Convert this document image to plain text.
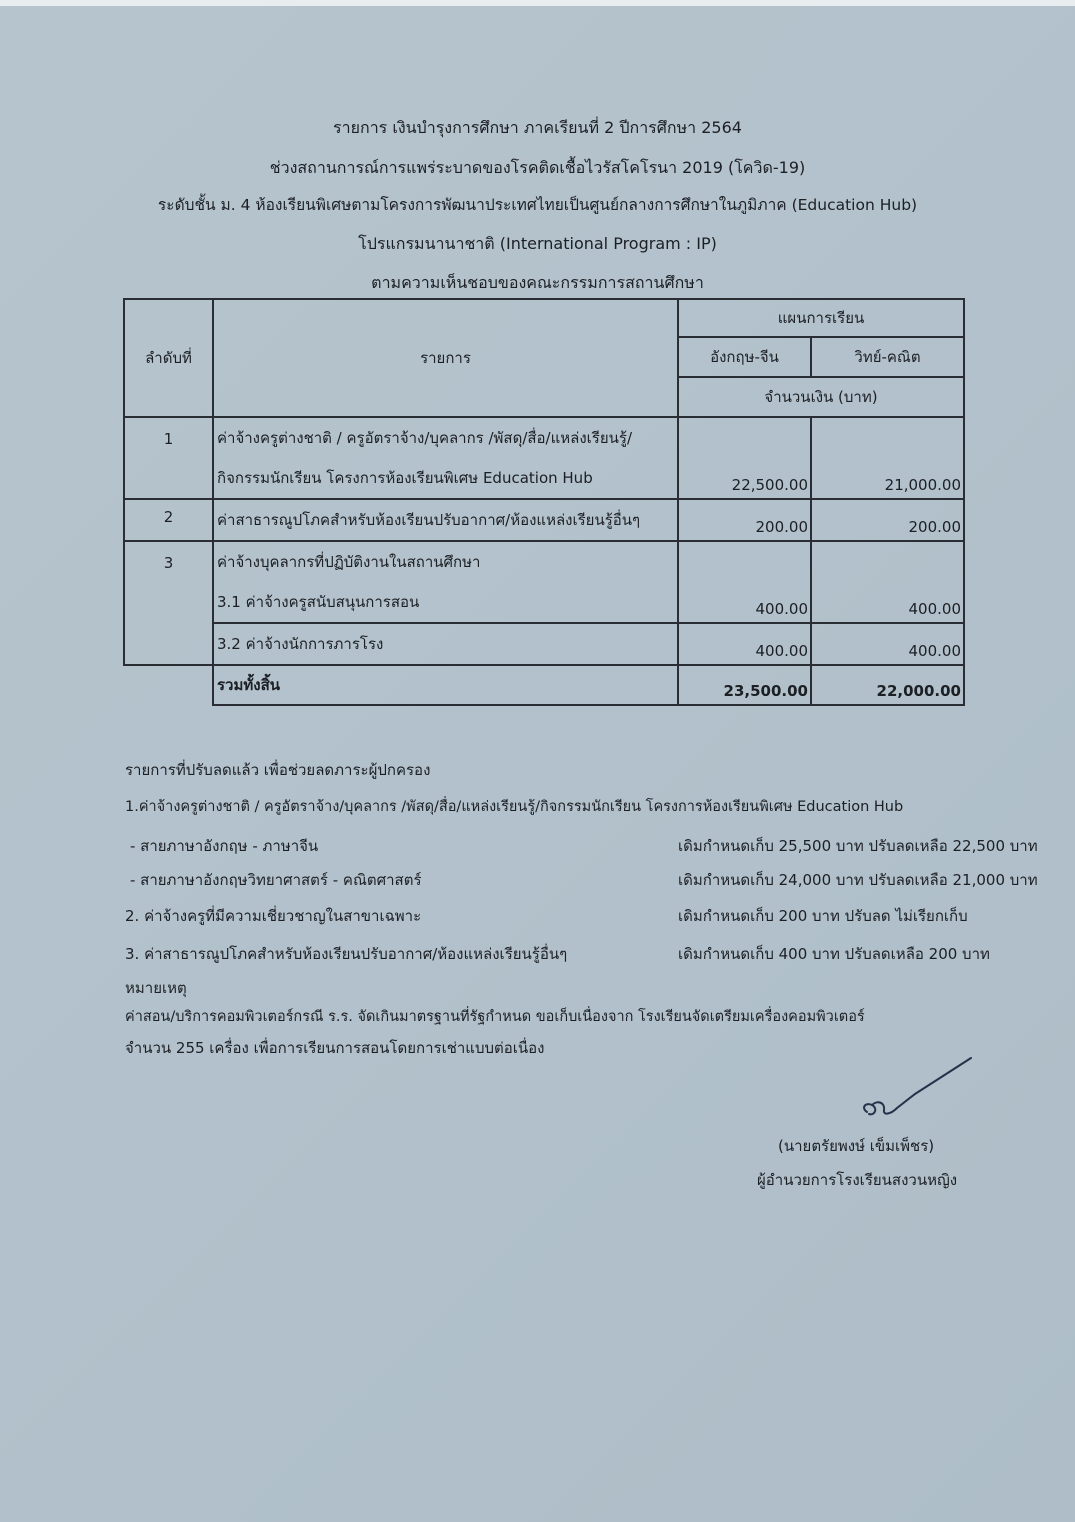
รายการ เงินบำรุงการศึกษา ภาคเรียนที่ 2 ปีการศึกษา 2564
ช่วงสถานการณ์การแพร่ระบาดของโรคติดเชื้อไวรัสโคโรนา 2019 (โควิด-19)
ระดับชั้น ม. 4 ห้องเรียนพิเศษตามโครงการพัฒนาประเทศไทยเป็นศูนย์กลางการศึกษาในภูมิภาค (Education Hub)
โปรแกรมนานาชาติ (International Program : IP)
ตามความเห็นชอบของคณะกรรมการสถานศึกษา
ลำดับที่	รายการ	แผนการเรียน	
		อังกฤษ-จีน	วิทย์-คณิต
		จำนวนเงิน (บาท)	
1	ค่าจ้างครูต่างชาติ / ครูอัตราจ้าง/บุคลากร /พัสดุ/สื่อ/แหล่งเรียนรู้/
กิจกรรมนักเรียน โครงการห้องเรียนพิเศษ Education Hub	22,500.00	21,000.00
2	ค่าสาธารณูปโภคสำหรับห้องเรียนปรับอากาศ/ห้องแหล่งเรียนรู้อื่นๆ	200.00	200.00
3	ค่าจ้างบุคลากรที่ปฏิบัติงานในสถานศึกษา
3.1 ค่าจ้างครูสนับสนุนการสอน	400.00	400.00

	3.2 ค่าจ้างนักการภารโรง	400.00	400.00
	รวมทั้งสิ้น	23,500.00	22,000.00
รายการที่ปรับลดแล้ว เพื่อช่วยลดภาระผู้ปกครอง
1.ค่าจ้างครูต่างชาติ / ครูอัตราจ้าง/บุคลากร /พัสดุ/สื่อ/แหล่งเรียนรู้/กิจกรรมนักเรียน โครงการห้องเรียนพิเศษ Education Hub
- สายภาษาอังกฤษ - ภาษาจีน	เดิมกำหนดเก็บ 25,500 บาท ปรับลดเหลือ 22,500 บาท
- สายภาษาอังกฤษวิทยาศาสตร์ - คณิตศาสตร์	เดิมกำหนดเก็บ 24,000 บาท ปรับลดเหลือ 21,000 บาท
2. ค่าจ้างครูที่มีความเชี่ยวชาญในสาขาเฉพาะ	เดิมกำหนดเก็บ 200 บาท ปรับลด ไม่เรียกเก็บ
3. ค่าสาธารณูปโภคสำหรับห้องเรียนปรับอากาศ/ห้องแหล่งเรียนรู้อื่นๆ	เดิมกำหนดเก็บ 400 บาท ปรับลดเหลือ 200 บาท
หมายเหตุ
ค่าสอน/บริการคอมพิวเตอร์กรณี ร.ร. จัดเกินมาตรฐานที่รัฐกำหนด ขอเก็บเนื่องจาก โรงเรียนจัดเตรียมเครื่องคอมพิวเตอร์
จำนวน 255 เครื่อง เพื่อการเรียนการสอนโดยการเช่าแบบต่อเนื่อง
(นายตรัยพงษ์ เข็มเพ็ชร)
ผู้อำนวยการโรงเรียนสงวนหญิง
